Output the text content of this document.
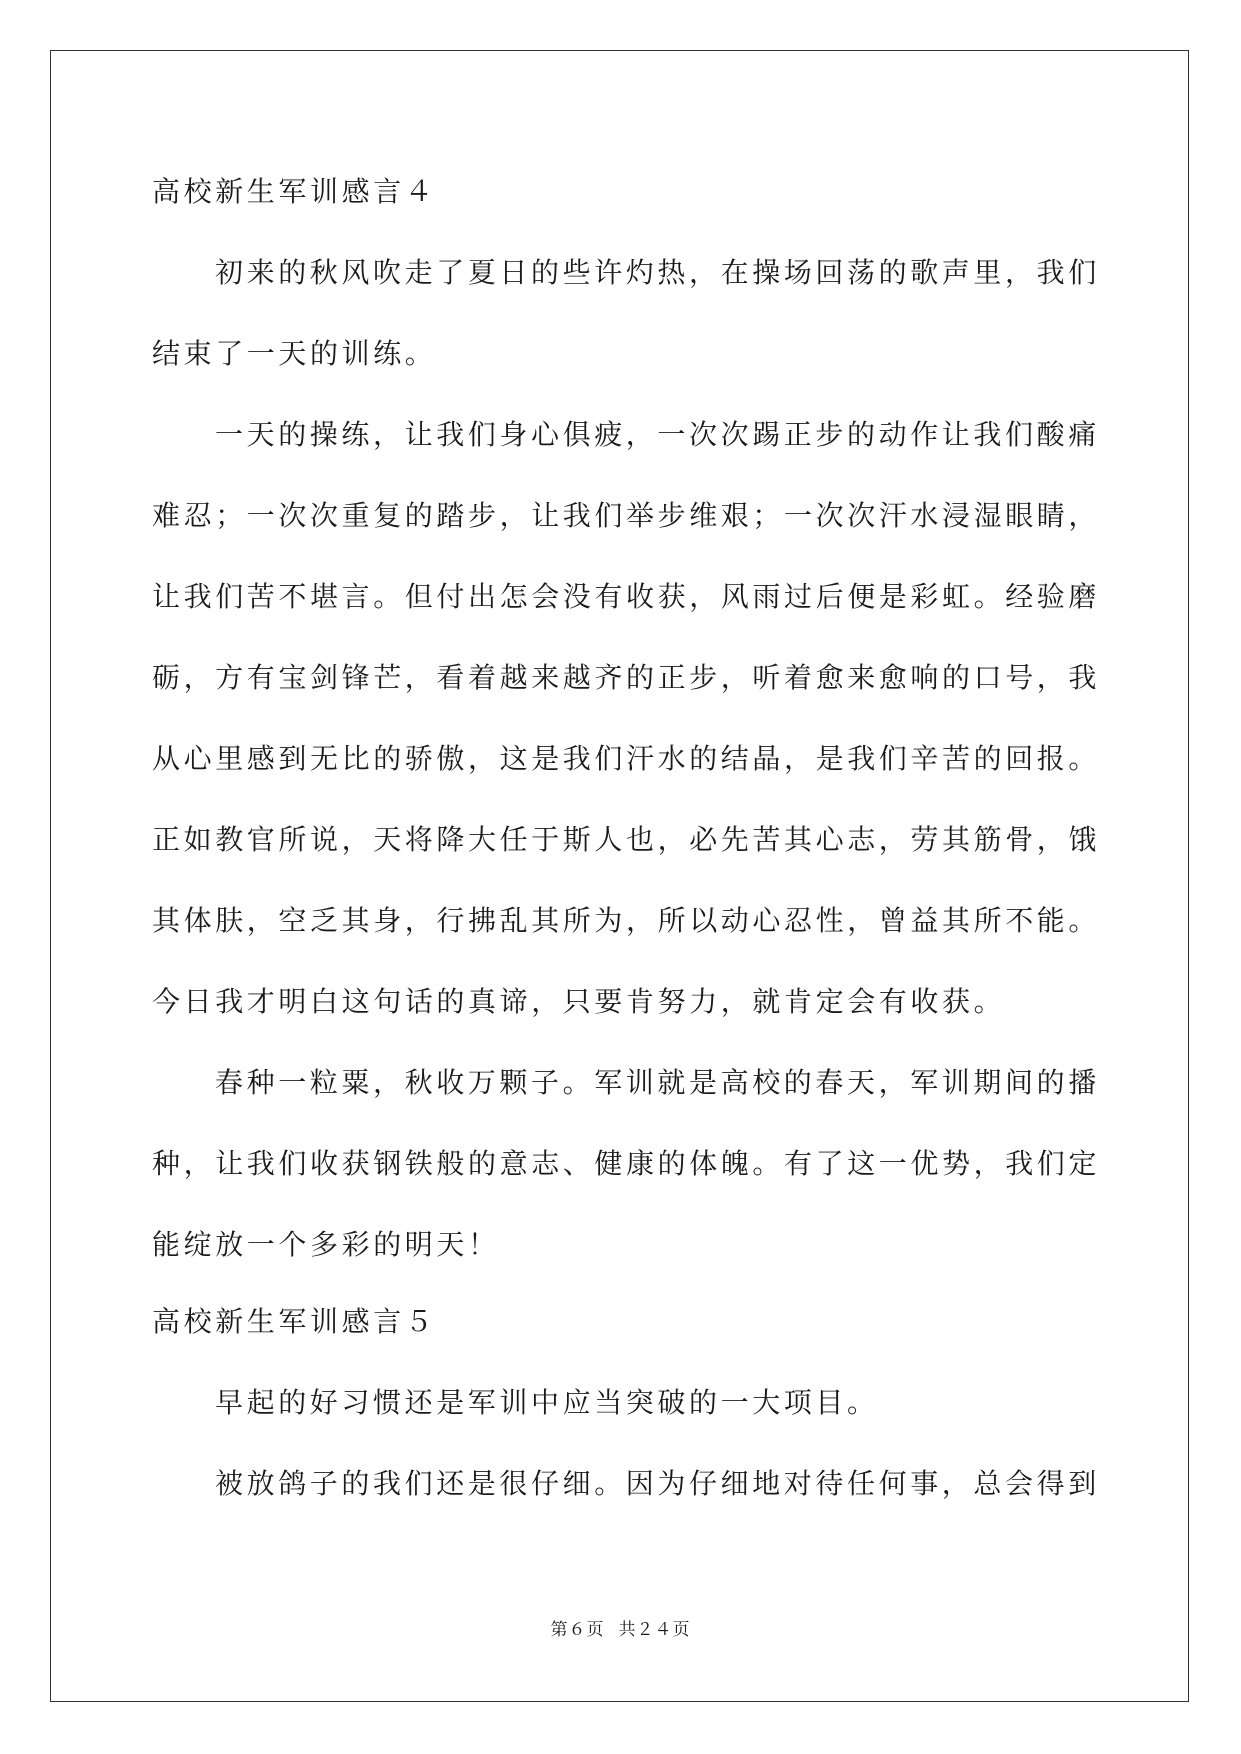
高校新生军训感言４
初来的秋风吹走了夏日的些许灼热，在操场回荡的歌声里，我们
结束了一天的训练。
一天的操练，让我们身心俱疲，一次次踢正步的动作让我们酸痛
难忍；一次次重复的踏步，让我们举步维艰；一次次汗水浸湿眼睛，
让我们苦不堪言。但付出怎会没有收获，风雨过后便是彩虹。经验磨
砺，方有宝剑锋芒，看着越来越齐的正步，听着愈来愈响的口号，我
从心里感到无比的骄傲，这是我们汗水的结晶，是我们辛苦的回报。
正如教官所说，天将降大任于斯人也，必先苦其心志，劳其筋骨，饿
其体肤，空乏其身，行拂乱其所为，所以动心忍性，曾益其所不能。
今日我才明白这句话的真谛，只要肯努力，就肯定会有收获。
春种一粒粟，秋收万颗子。军训就是高校的春天，军训期间的播
种，让我们收获钢铁般的意志、健康的体魄。有了这一优势，我们定
能绽放一个多彩的明天！
高校新生军训感言５
早起的好习惯还是军训中应当突破的一大项目。
被放鸽子的我们还是很仔细。因为仔细地对待任何事，总会得到
第６页 共２４页
